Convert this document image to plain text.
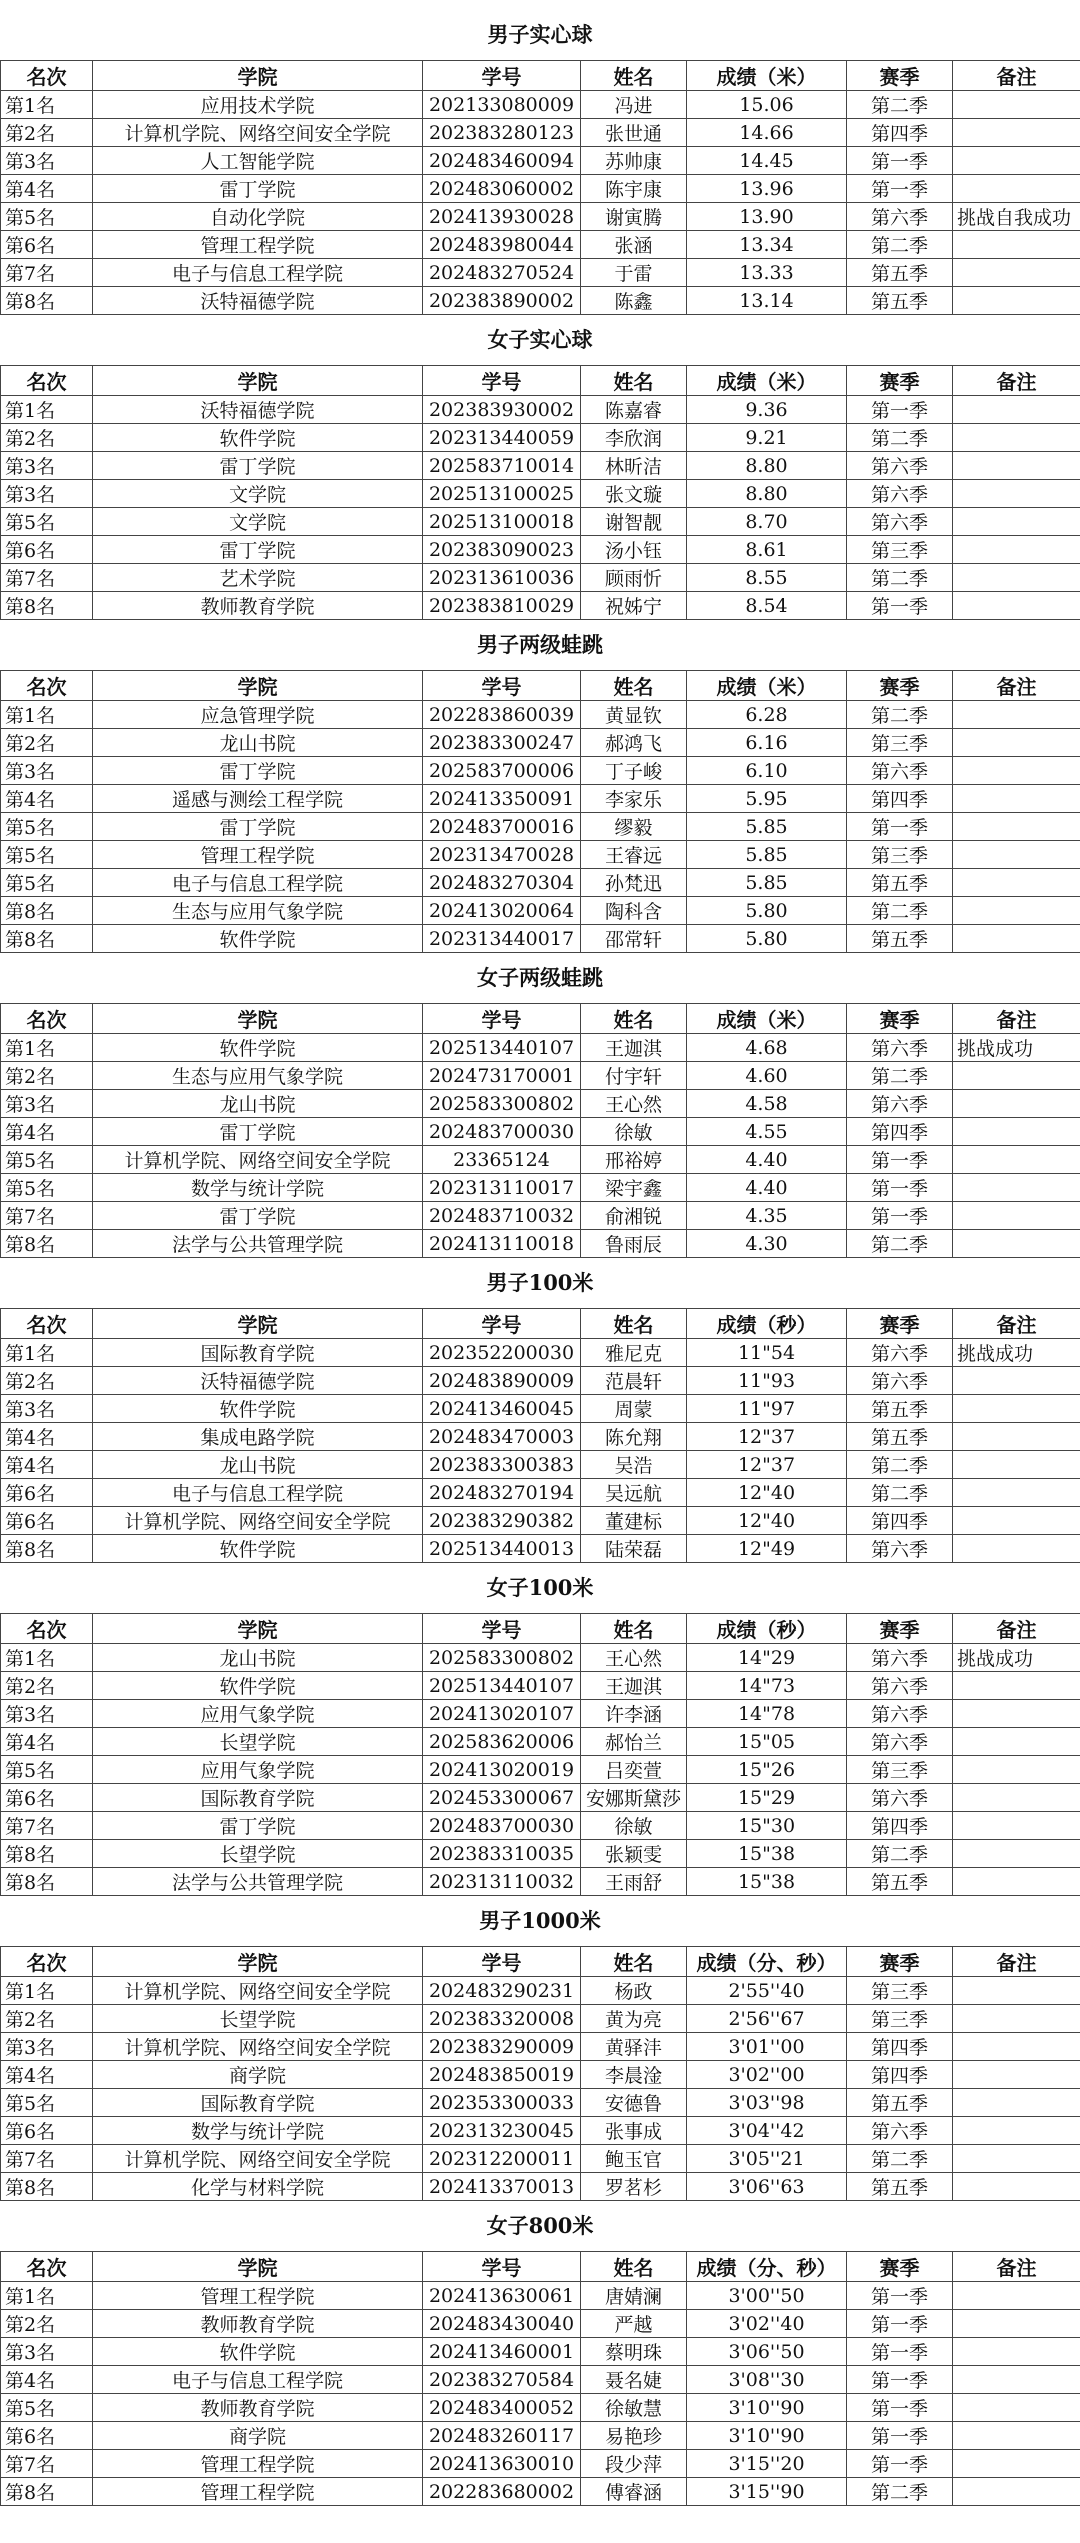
男子实心球
名次	学院	学号	姓名	成绩（米）	赛季	备注
第1名	应用技术学院	202133080009	冯进	15.06	第二季	
第2名	计算机学院、网络空间安全学院	202383280123	张世通	14.66	第四季	
第3名	人工智能学院	202483460094	苏帅康	14.45	第一季	
第4名	雷丁学院	202483060002	陈宇康	13.96	第一季	
第5名	自动化学院	202413930028	谢寅腾	13.90	第六季	挑战自我成功
第6名	管理工程学院	202483980044	张涵	13.34	第二季	
第7名	电子与信息工程学院	202483270524	于雷	13.33	第五季	
第8名	沃特福德学院	202383890002	陈鑫	13.14	第五季	
女子实心球
名次	学院	学号	姓名	成绩（米）	赛季	备注
第1名	沃特福德学院	202383930002	陈嘉睿	9.36	第一季	
第2名	软件学院	202313440059	李欣润	9.21	第二季	
第3名	雷丁学院	202583710014	林昕洁	8.80	第六季	
第3名	文学院	202513100025	张文璇	8.80	第六季	
第5名	文学院	202513100018	谢智靓	8.70	第六季	
第6名	雷丁学院	202383090023	汤小钰	8.61	第三季	
第7名	艺术学院	202313610036	顾雨忻	8.55	第二季	
第8名	教师教育学院	202383810029	祝姊宁	8.54	第一季	
男子两级蛙跳
名次	学院	学号	姓名	成绩（米）	赛季	备注
第1名	应急管理学院	202283860039	黄显钦	6.28	第二季	
第2名	龙山书院	202383300247	郝鸿飞	6.16	第三季	
第3名	雷丁学院	202583700006	丁子峻	6.10	第六季	
第4名	遥感与测绘工程学院	202413350091	李家乐	5.95	第四季	
第5名	雷丁学院	202483700016	缪毅	5.85	第一季	
第5名	管理工程学院	202313470028	王睿远	5.85	第三季	
第5名	电子与信息工程学院	202483270304	孙梵迅	5.85	第五季	
第8名	生态与应用气象学院	202413020064	陶科含	5.80	第二季	
第8名	软件学院	202313440017	邵常轩	5.80	第五季	
女子两级蛙跳
名次	学院	学号	姓名	成绩（米）	赛季	备注
第1名	软件学院	202513440107	王迦淇	4.68	第六季	挑战成功
第2名	生态与应用气象学院	202473170001	付宇轩	4.60	第二季	
第3名	龙山书院	202583300802	王心然	4.58	第六季	
第4名	雷丁学院	202483700030	徐敏	4.55	第四季	
第5名	计算机学院、网络空间安全学院	23365124	邢裕婷	4.40	第一季	
第5名	数学与统计学院	202313110017	梁宇鑫	4.40	第一季	
第7名	雷丁学院	202483710032	俞湘锐	4.35	第一季	
第8名	法学与公共管理学院	202413110018	鲁雨辰	4.30	第二季	
男子100米
名次	学院	学号	姓名	成绩（秒）	赛季	备注
第1名	国际教育学院	202352200030	雅尼克	11"54	第六季	挑战成功
第2名	沃特福德学院	202483890009	范晨轩	11"93	第六季	
第3名	软件学院	202413460045	周蒙	11"97	第五季	
第4名	集成电路学院	202483470003	陈允翔	12"37	第五季	
第4名	龙山书院	202383300383	吴浩	12"37	第二季	
第6名	电子与信息工程学院	202483270194	吴远航	12"40	第二季	
第6名	计算机学院、网络空间安全学院	202383290382	董建标	12"40	第四季	
第8名	软件学院	202513440013	陆荣磊	12"49	第六季	
女子100米
名次	学院	学号	姓名	成绩（秒）	赛季	备注
第1名	龙山书院	202583300802	王心然	14"29	第六季	挑战成功
第2名	软件学院	202513440107	王迦淇	14"73	第六季	
第3名	应用气象学院	202413020107	许李涵	14"78	第六季	
第4名	长望学院	202583620006	郝怡兰	15"05	第六季	
第5名	应用气象学院	202413020019	吕奕萱	15"26	第三季	
第6名	国际教育学院	202453300067	安娜斯黛莎	15"29	第六季	
第7名	雷丁学院	202483700030	徐敏	15"30	第四季	
第8名	长望学院	202383310035	张颖雯	15"38	第二季	
第8名	法学与公共管理学院	202313110032	王雨舒	15"38	第五季	
男子1000米
名次	学院	学号	姓名	成绩（分、秒）	赛季	备注
第1名	计算机学院、网络空间安全学院	202483290231	杨政	2'55''40	第三季	
第2名	长望学院	202383320008	黄为亮	2'56''67	第三季	
第3名	计算机学院、网络空间安全学院	202383290009	黄驿沣	3'01''00	第四季	
第4名	商学院	202483850019	李晨淦	3'02''00	第四季	
第5名	国际教育学院	202353300033	安德鲁	3'03''98	第五季	
第6名	数学与统计学院	202313230045	张事成	3'04''42	第六季	
第7名	计算机学院、网络空间安全学院	202312200011	鲍玉官	3'05''21	第二季	
第8名	化学与材料学院	202413370013	罗茗杉	3'06''63	第五季	
女子800米
名次	学院	学号	姓名	成绩（分、秒）	赛季	备注
第1名	管理工程学院	202413630061	唐婧澜	3'00''50	第一季	
第2名	教师教育学院	202483430040	严越	3'02''40	第一季	
第3名	软件学院	202413460001	蔡明珠	3'06''50	第一季	
第4名	电子与信息工程学院	202383270584	聂名婕	3'08''30	第一季	
第5名	教师教育学院	202483400052	徐敏慧	3'10''90	第一季	
第6名	商学院	202483260117	易艳珍	3'10''90	第一季	
第7名	管理工程学院	202413630010	段少萍	3'15''20	第一季	
第8名	管理工程学院	202283680002	傅睿涵	3'15''90	第二季	
